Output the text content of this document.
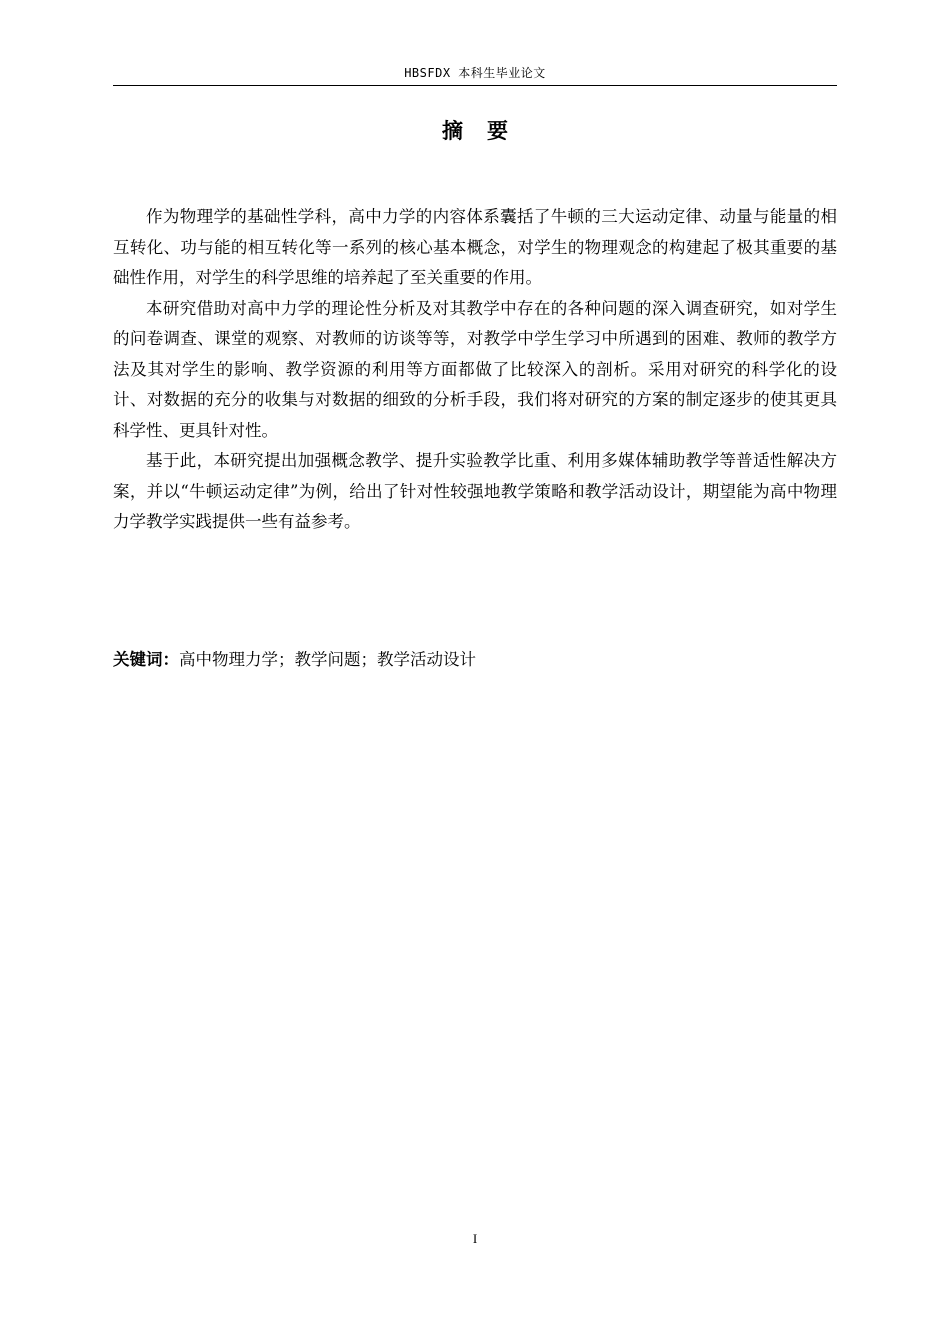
HBSFDX 本科生毕业论文
摘要

作为物理学的基础性学科，高中力学的内容体系囊括了牛顿的三大运动定律、动量与能量的相互转化、功与能的相互转化等一系列的核心基本概念，对学生的物理观念的构建起了极其重要的基础性作用，对学生的科学思维的培养起了至关重要的作用。

本研究借助对高中力学的理论性分析及对其教学中存在的各种问题的深入调查研究，如对学生的问卷调查、课堂的观察、对教师的访谈等等，对教学中学生学习中所遇到的困难、教师的教学方法及其对学生的影响、教学资源的利用等方面都做了比较深入的剖析。采用对研究的科学化的设计、对数据的充分的收集与对数据的细致的分析手段，我们将对研究的方案的制定逐步的使其更具科学性、更具针对性。

基于此，本研究提出加强概念教学、提升实验教学比重、利用多媒体辅助教学等普适性解决方案，并以“牛顿运动定律”为例，给出了针对性较强地教学策略和教学活动设计，期望能为高中物理力学教学实践提供一些有益参考。

关键词：高中物理力学；教学问题；教学活动设计
I
